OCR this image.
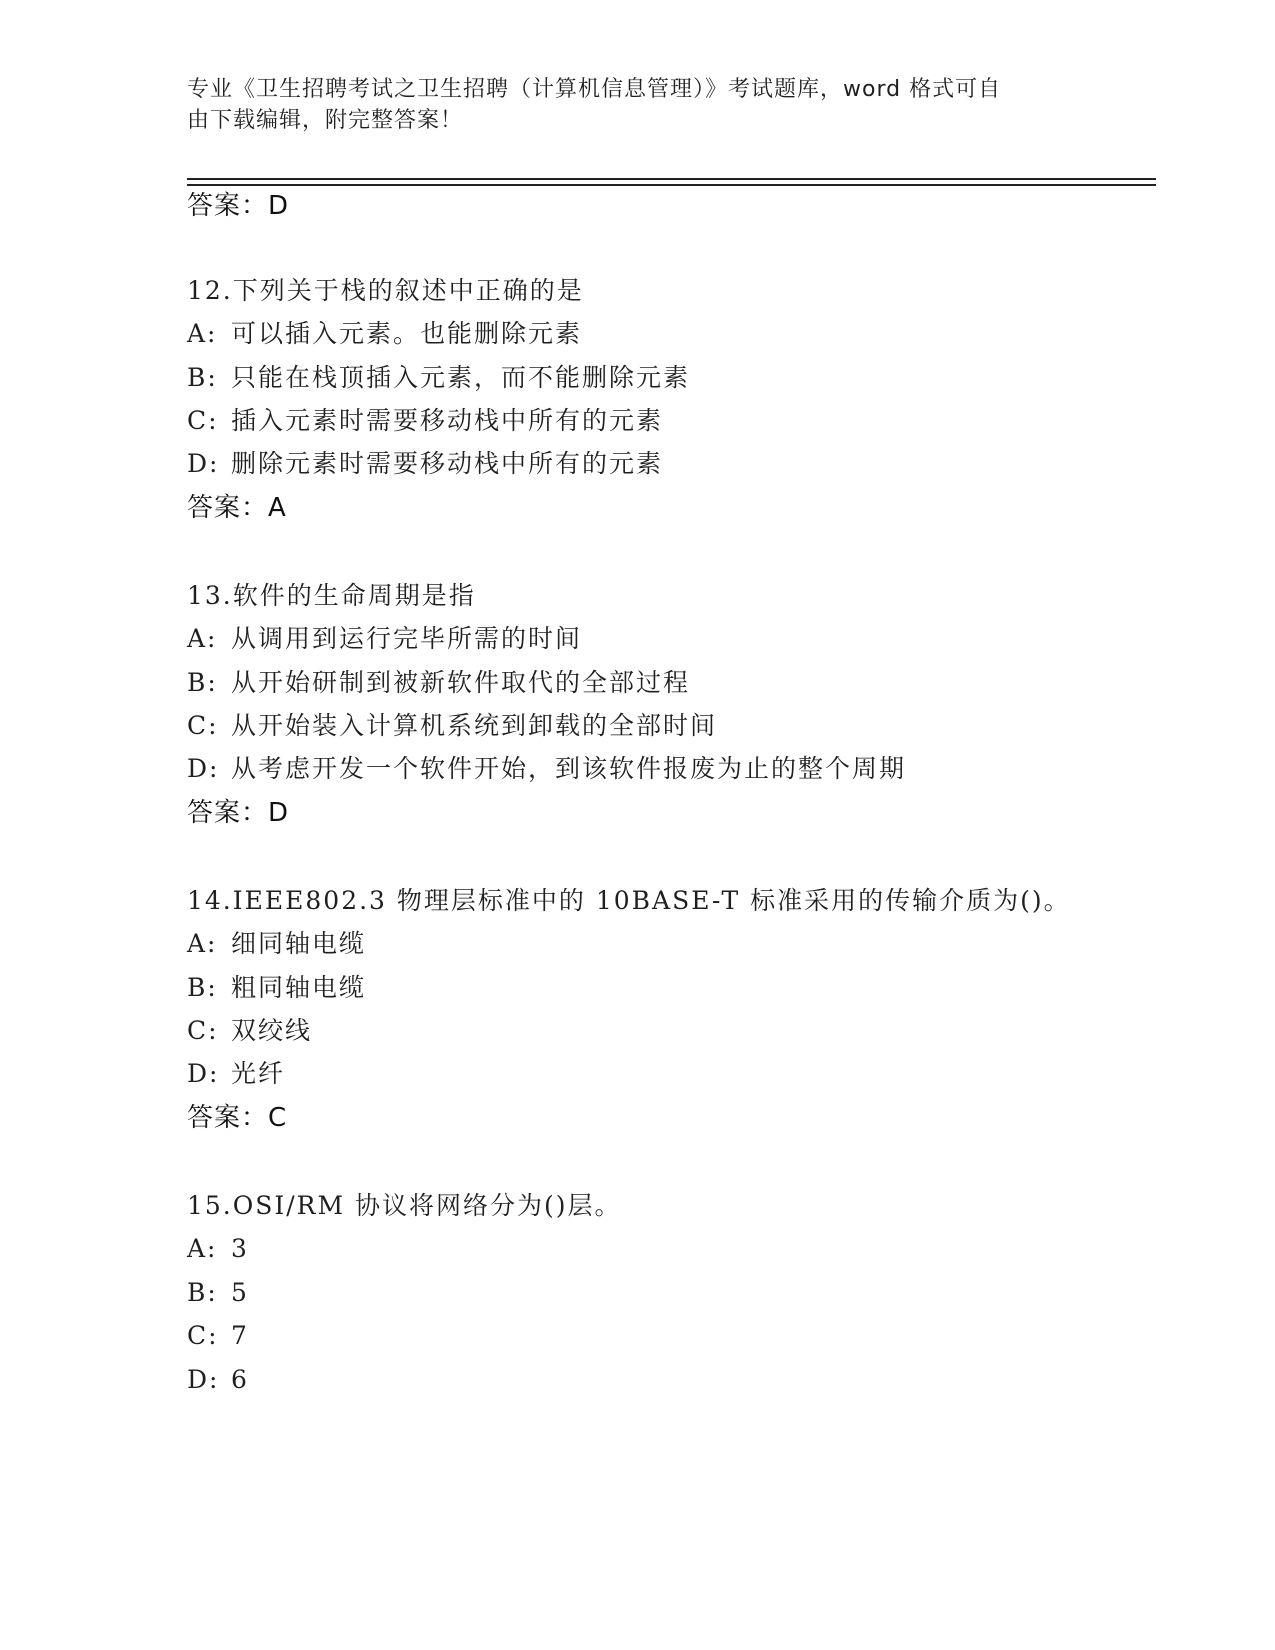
专业《卫生招聘考试之卫生招聘（计算机信息管理）》考试题库，word 格式可自
由下载编辑，附完整答案！
答案：D
12.下列关于栈的叙述中正确的是
A: 可以插入元素。也能删除元素
B: 只能在栈顶插入元素，而不能删除元素
C: 插入元素时需要移动栈中所有的元素
D: 删除元素时需要移动栈中所有的元素
答案：A
13.软件的生命周期是指
A: 从调用到运行完毕所需的时间
B: 从开始研制到被新软件取代的全部过程
C: 从开始装入计算机系统到卸载的全部时间
D: 从考虑开发一个软件开始，到该软件报废为止的整个周期
答案：D
14.IEEE802.3 物理层标准中的 10BASE-T 标准采用的传输介质为()。
A: 细同轴电缆
B: 粗同轴电缆
C: 双绞线
D: 光纤
答案：C
15.OSI/RM 协议将网络分为()层。
A: 3
B: 5
C: 7
D: 6
